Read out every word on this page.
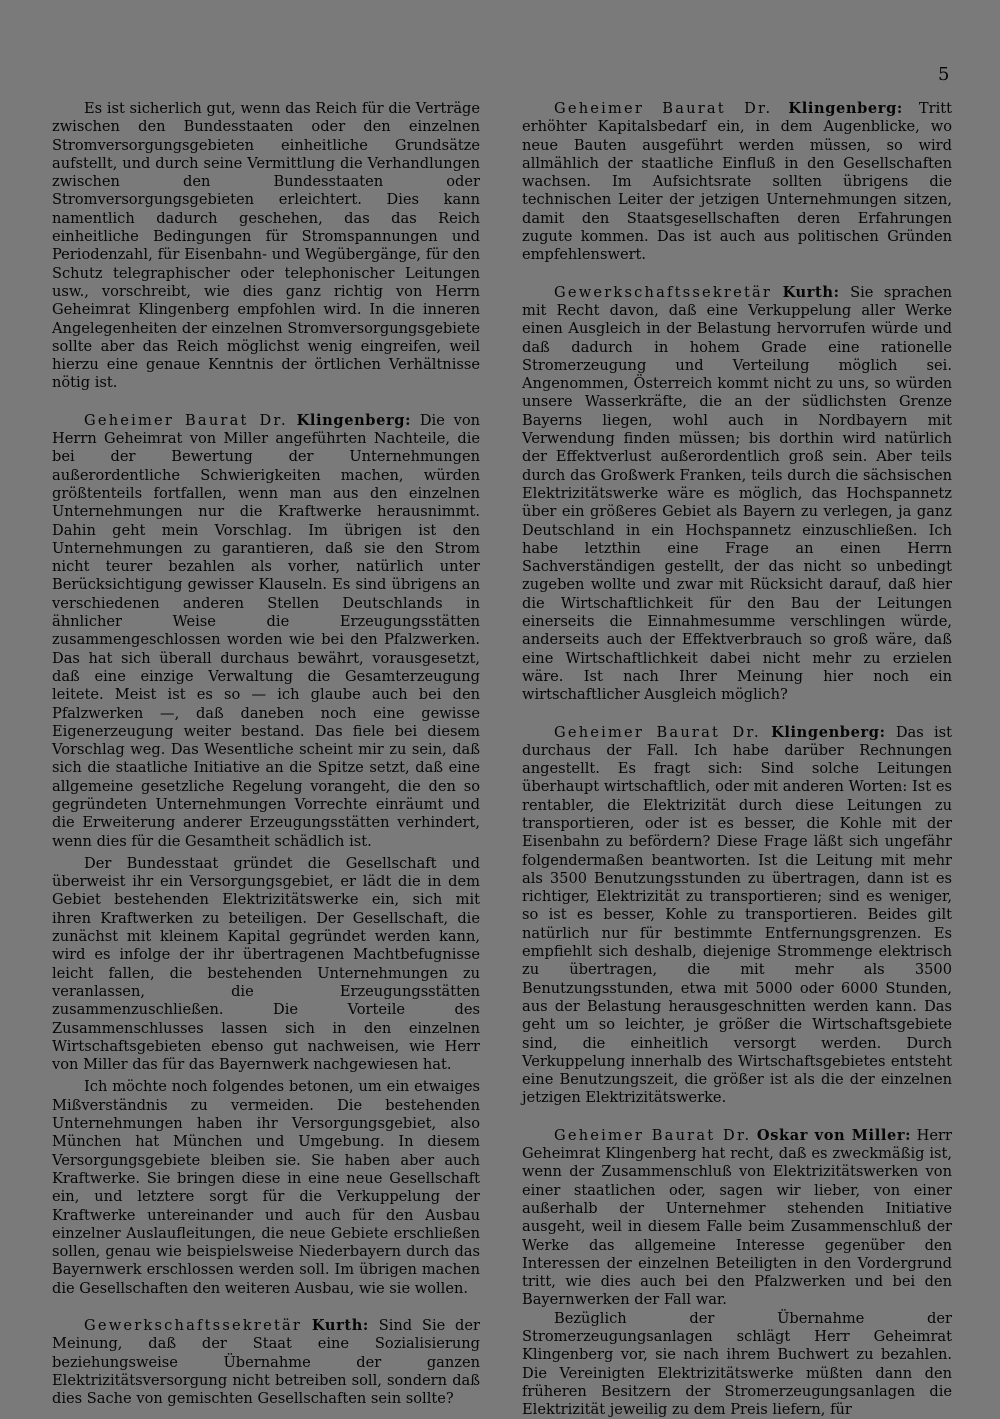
5

Es ist sicherlich gut, wenn das Reich für die Verträge zwischen den Bundesstaaten oder den einzelnen Stromversorgungsgebieten einheitliche Grundsätze aufstellt, und durch seine Vermittlung die Verhandlungen zwischen den Bundesstaaten oder Stromversorgungsgebieten erleichtert. Dies kann namentlich dadurch geschehen, das das Reich einheitliche Bedingungen für Stromspannungen und Periodenzahl, für Eisenbahn- und Wegübergänge, für den Schutz telegraphischer oder telephonischer Leitungen usw., vorschreibt, wie dies ganz richtig von Herrn Geheimrat Klingenberg empfohlen wird. In die inneren Angelegenheiten der einzelnen Stromversorgungsgebiete sollte aber das Reich möglichst wenig eingreifen, weil hierzu eine genaue Kenntnis der örtlichen Verhältnisse nötig ist.

Geheimer Baurat Dr. Klingenberg: Die von Herrn Geheimrat von Miller angeführten Nachteile, die bei der Bewertung der Unternehmungen außerordentliche Schwierigkeiten machen, würden größtenteils fortfallen, wenn man aus den einzelnen Unternehmungen nur die Kraftwerke herausnimmt. Dahin geht mein Vorschlag. Im übrigen ist den Unternehmungen zu garantieren, daß sie den Strom nicht teurer bezahlen als vorher, natürlich unter Berücksichtigung gewisser Klauseln. Es sind übrigens an verschiedenen anderen Stellen Deutschlands in ähnlicher Weise die Erzeugungsstätten zusammengeschlossen worden wie bei den Pfalzwerken. Das hat sich überall durchaus bewährt, vorausgesetzt, daß eine einzige Verwaltung die Gesamterzeugung leitete. Meist ist es so — ich glaube auch bei den Pfalzwerken —, daß daneben noch eine gewisse Eigenerzeugung weiter bestand. Das fiele bei diesem Vorschlag weg. Das Wesentliche scheint mir zu sein, daß sich die staatliche Initiative an die Spitze setzt, daß eine allgemeine gesetzliche Regelung vorangeht, die den so gegründeten Unternehmungen Vorrechte einräumt und die Erweiterung anderer Erzeugungsstätten verhindert, wenn dies für die Gesamtheit schädlich ist.

Der Bundesstaat gründet die Gesellschaft und überweist ihr ein Versorgungsgebiet, er lädt die in dem Gebiet bestehenden Elektrizitätswerke ein, sich mit ihren Kraftwerken zu beteiligen. Der Gesellschaft, die zunächst mit kleinem Kapital gegründet werden kann, wird es infolge der ihr übertragenen Machtbefugnisse leicht fallen, die bestehenden Unternehmungen zu veranlassen, die Erzeugungsstätten zusammenzuschließen. Die Vorteile des Zusammenschlusses lassen sich in den einzelnen Wirtschaftsgebieten ebenso gut nachweisen, wie Herr von Miller das für das Bayernwerk nachgewiesen hat.

Ich möchte noch folgendes betonen, um ein etwaiges Mißverständnis zu vermeiden. Die bestehenden Unternehmungen haben ihr Versorgungsgebiet, also München hat München und Umgebung. In diesem Versorgungsgebiete bleiben sie. Sie haben aber auch Kraftwerke. Sie bringen diese in eine neue Gesellschaft ein, und letztere sorgt für die Verkuppelung der Kraftwerke untereinander und auch für den Ausbau einzelner Auslaufleitungen, die neue Gebiete erschließen sollen, genau wie beispielsweise Niederbayern durch das Bayernwerk erschlossen werden soll. Im übrigen machen die Gesellschaften den weiteren Ausbau, wie sie wollen.

Gewerkschaftssekretär Kurth: Sind Sie der Meinung, daß der Staat eine Sozialisierung beziehungsweise Übernahme der ganzen Elektrizitätsversorgung nicht betreiben soll, sondern daß dies Sache von gemischten Gesellschaften sein sollte?

Geheimer Baurat Dr. Klingenberg: Tritt erhöhter Kapitalsbedarf ein, in dem Augenblicke, wo neue Bauten ausgeführt werden müssen, so wird allmählich der staatliche Einfluß in den Gesellschaften wachsen. Im Aufsichtsrate sollten übrigens die technischen Leiter der jetzigen Unternehmungen sitzen, damit den Staatsgesellschaften deren Erfahrungen zugute kommen. Das ist auch aus politischen Gründen empfehlenswert.

Gewerkschaftssekretär Kurth: Sie sprachen mit Recht davon, daß eine Verkuppelung aller Werke einen Ausgleich in der Belastung hervorrufen würde und daß dadurch in hohem Grade eine rationelle Stromerzeugung und Verteilung möglich sei. Angenommen, Österreich kommt nicht zu uns, so würden unsere Wasserkräfte, die an der südlichsten Grenze Bayerns liegen, wohl auch in Nordbayern mit Verwendung finden müssen; bis dorthin wird natürlich der Effektverlust außerordentlich groß sein. Aber teils durch das Großwerk Franken, teils durch die sächsischen Elektrizitätswerke wäre es möglich, das Hochspannetz über ein größeres Gebiet als Bayern zu verlegen, ja ganz Deutschland in ein Hochspannetz einzuschließen. Ich habe letzthin eine Frage an einen Herrn Sachverständigen gestellt, der das nicht so unbedingt zugeben wollte und zwar mit Rücksicht darauf, daß hier die Wirtschaftlichkeit für den Bau der Leitungen einerseits die Einnahmesumme verschlingen würde, anderseits auch der Effektverbrauch so groß wäre, daß eine Wirtschaftlichkeit dabei nicht mehr zu erzielen wäre. Ist nach Ihrer Meinung hier noch ein wirtschaftlicher Ausgleich möglich?

Geheimer Baurat Dr. Klingenberg: Das ist durchaus der Fall. Ich habe darüber Rechnungen angestellt. Es fragt sich: Sind solche Leitungen überhaupt wirtschaftlich, oder mit anderen Worten: Ist es rentabler, die Elektrizität durch diese Leitungen zu transportieren, oder ist es besser, die Kohle mit der Eisenbahn zu befördern? Diese Frage läßt sich ungefähr folgendermaßen beantworten. Ist die Leitung mit mehr als 3500 Benutzungsstunden zu übertragen, dann ist es richtiger, Elektrizität zu transportieren; sind es weniger, so ist es besser, Kohle zu transportieren. Beides gilt natürlich nur für bestimmte Entfernungsgrenzen. Es empfiehlt sich deshalb, diejenige Strommenge elektrisch zu übertragen, die mit mehr als 3500 Benutzungsstunden, etwa mit 5000 oder 6000 Stunden, aus der Belastung herausgeschnitten werden kann. Das geht um so leichter, je größer die Wirtschaftsgebiete sind, die einheitlich versorgt werden. Durch Verkuppelung innerhalb des Wirtschaftsgebietes entsteht eine Benutzungszeit, die größer ist als die der einzelnen jetzigen Elektrizitätswerke.

Geheimer Baurat Dr. Oskar von Miller: Herr Geheimrat Klingenberg hat recht, daß es zweckmäßig ist, wenn der Zusammenschluß von Elektrizitätswerken von einer staatlichen oder, sagen wir lieber, von einer außerhalb der Unternehmer stehenden Initiative ausgeht, weil in diesem Falle beim Zusammenschluß der Werke das allgemeine Interesse gegenüber den Interessen der einzelnen Beteiligten in den Vordergrund tritt, wie dies auch bei den Pfalzwerken und bei den Bayernwerken der Fall war.

Bezüglich der Übernahme der Stromerzeugungsanlagen schlägt Herr Geheimrat Klingenberg vor, sie nach ihrem Buchwert zu bezahlen. Die Vereinigten Elektrizitätswerke müßten dann den früheren Besitzern der Stromerzeugungsanlagen die Elektrizität jeweilig zu dem Preis liefern, für
